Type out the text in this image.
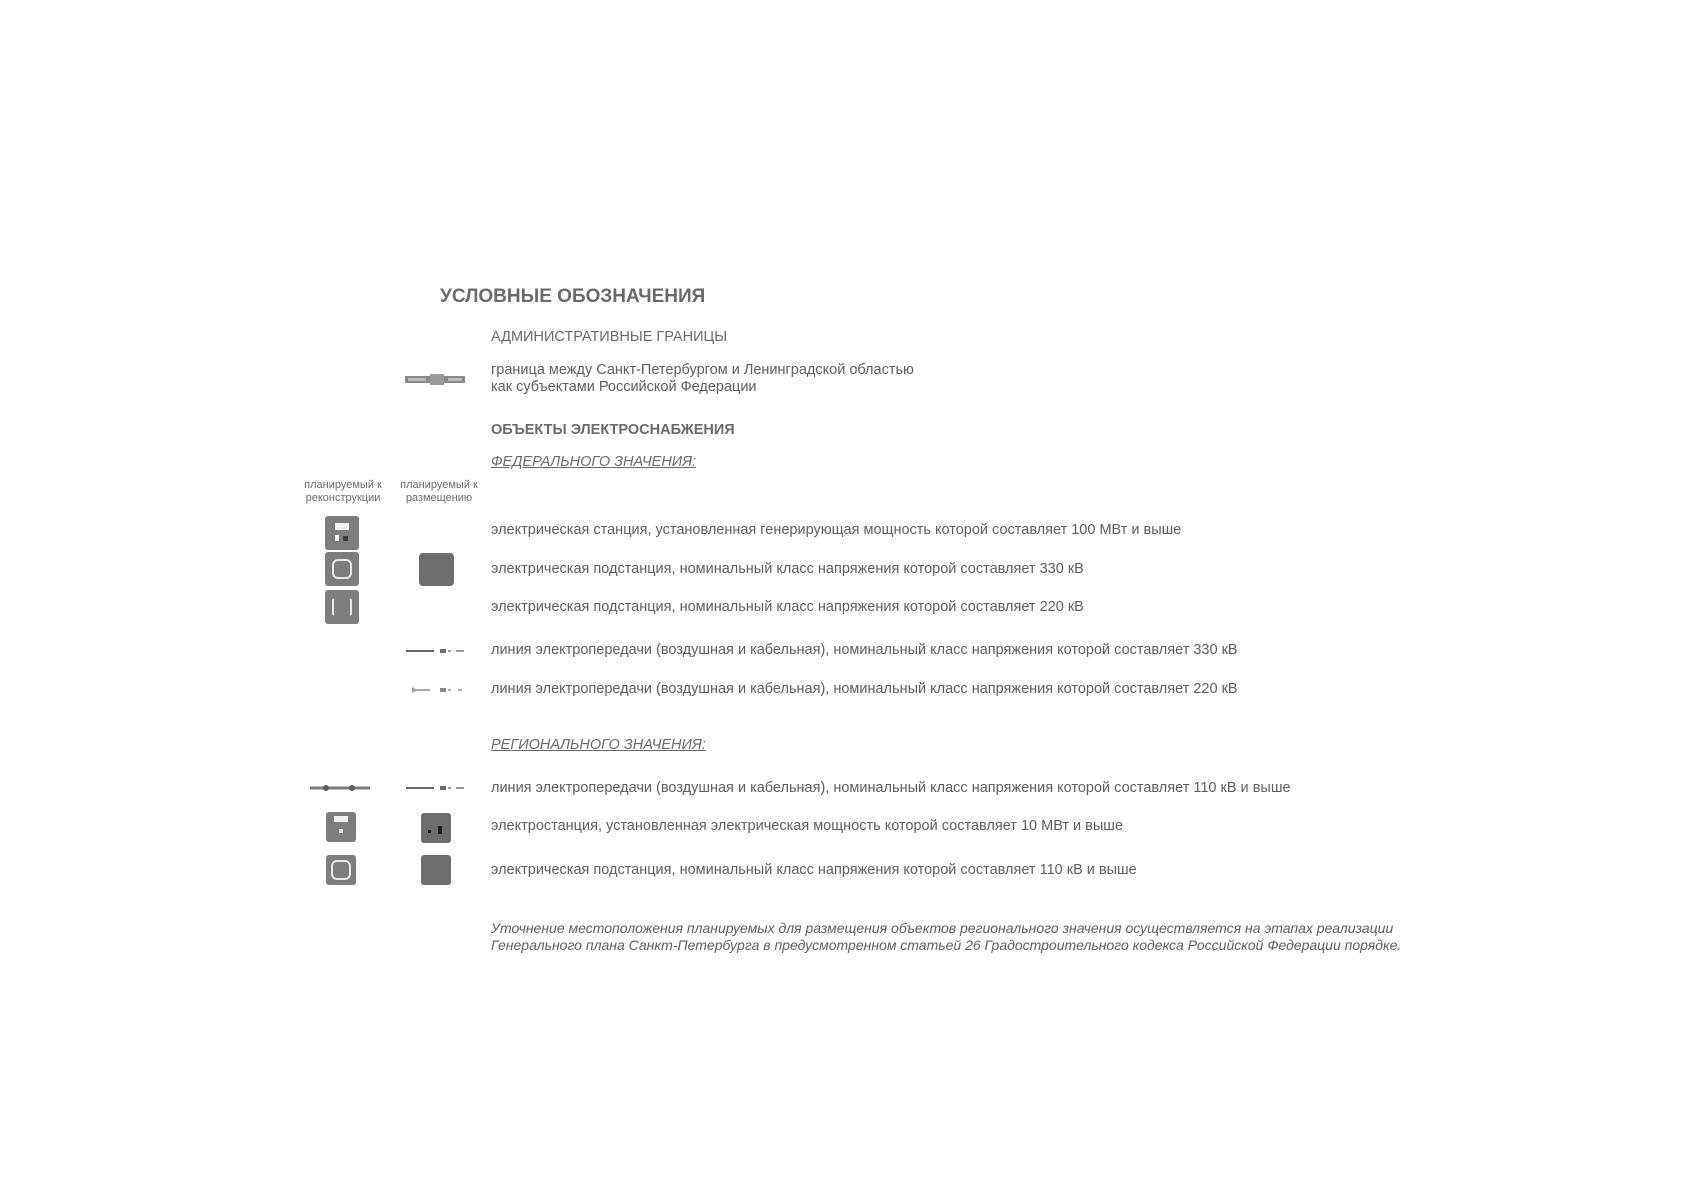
УСЛОВНЫЕ ОБОЗНАЧЕНИЯ
АДМИНИСТРАТИВНЫЕ ГРАНИЦЫ
граница между Санкт-Петербургом и Ленинградской областью
как субъектами Российской Федерации
ОБЪЕКТЫ ЭЛЕКТРОСНАБЖЕНИЯ
ФЕДЕРАЛЬНОГО ЗНАЧЕНИЯ:
планируемый к
реконструкции
планируемый к
размещению
электрическая станция, установленная генерирующая мощность которой составляет 100 МВт и выше
электрическая подстанция, номинальный класс напряжения которой составляет 330 кВ
электрическая подстанция, номинальный класс напряжения которой составляет 220 кВ
линия электропередачи (воздушная и кабельная), номинальный класс напряжения которой составляет 330 кВ
линия электропередачи (воздушная и кабельная), номинальный класс напряжения которой составляет 220 кВ
РЕГИОНАЛЬНОГО ЗНАЧЕНИЯ:
линия электропередачи (воздушная и кабельная), номинальный класс напряжения которой составляет 110 кВ и выше
электростанция, установленная электрическая мощность которой составляет 10 МВт и выше
электрическая подстанция, номинальный класс напряжения которой составляет 110 кВ и выше
Уточнение местоположения планируемых для размещения объектов регионального значения осуществляется на этапах реализации
Генерального плана Санкт-Петербурга в предусмотренном статьей 26 Градостроительного кодекса Российской Федерации порядке.
